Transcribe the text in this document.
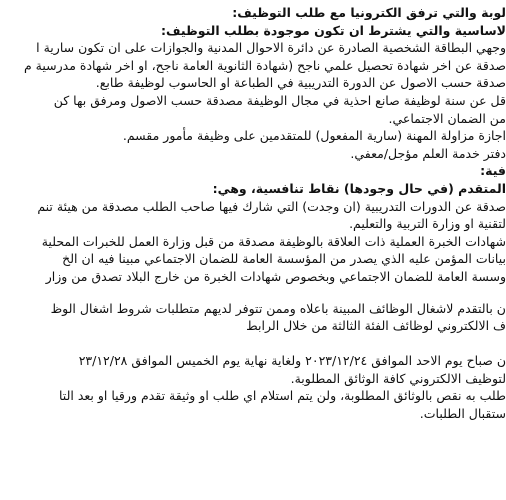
لوبة والتي ترفق الكترونيا مع طلب التوظيف:

لاساسية والتي يشترط ان تكون موجودة بطلب التوظيف:

وجهي البطاقة الشخصية الصادرة عن دائرة الاحوال المدنية والجوازات على ان تكون سارية ا

صدقة عن اخر شهادة تحصيل علمي ناجح (شهادة الثانوية العامة ناجح، او اخر شهادة مدرسية م

صدقة حسب الاصول عن الدورة التدريبية في الطباعة او الحاسوب لوظيفة طابع.

قل عن سنة لوظيفة صانع احذية في مجال الوظيفة مصدقة حسب الاصول ومرفق بها كن

من الضمان الاجتماعي.

اجازة مزاولة المهنة (سارية المفعول) للمتقدمين على وظيفة مأمور مقسم.

دفتر خدمة العلم مؤجل/معفي.

فية:

المتقدم (في حال وجودها) نقاط تنافسية، وهي:

صدقة عن الدورات التدريبية (ان وجدت) التي شارك فيها صاحب الطلب مصدقة من هيئة تنم

لتقنية او وزارة التربية والتعليم.

شهادات الخبرة العملية ذات العلاقة بالوظيفة مصدقة من قبل وزارة العمل للخبرات المحلية

بيانات المؤمن عليه الذي يصدر من المؤسسة العامة للضمان الاجتماعي مبينا فيه ان الخ

وسسة العامة للضمان الاجتماعي وبخصوص شهادات الخبرة من خارج البلاد تصدق من وزار

ن بالتقدم لاشغال الوظائف المبينة باعلاه وممن تتوفر لديهم متطلبات شروط اشغال الوظ

ف الالكتروني لوظائف الفئة الثالثة من خلال الرابط

ن صباح يوم الاحد الموافق ٢٠٢٣/١٢/٢٤ ولغاية نهاية يوم الخميس الموافق ٢٣/١٢/٢٨

لتوظيف الالكتروني كافة الوثائق المطلوبة.

طلب به نقص بالوثائق المطلوبة، ولن يتم استلام اي طلب او وثيقة تقدم ورقيا او بعد التا

ستقبال الطلبات.
